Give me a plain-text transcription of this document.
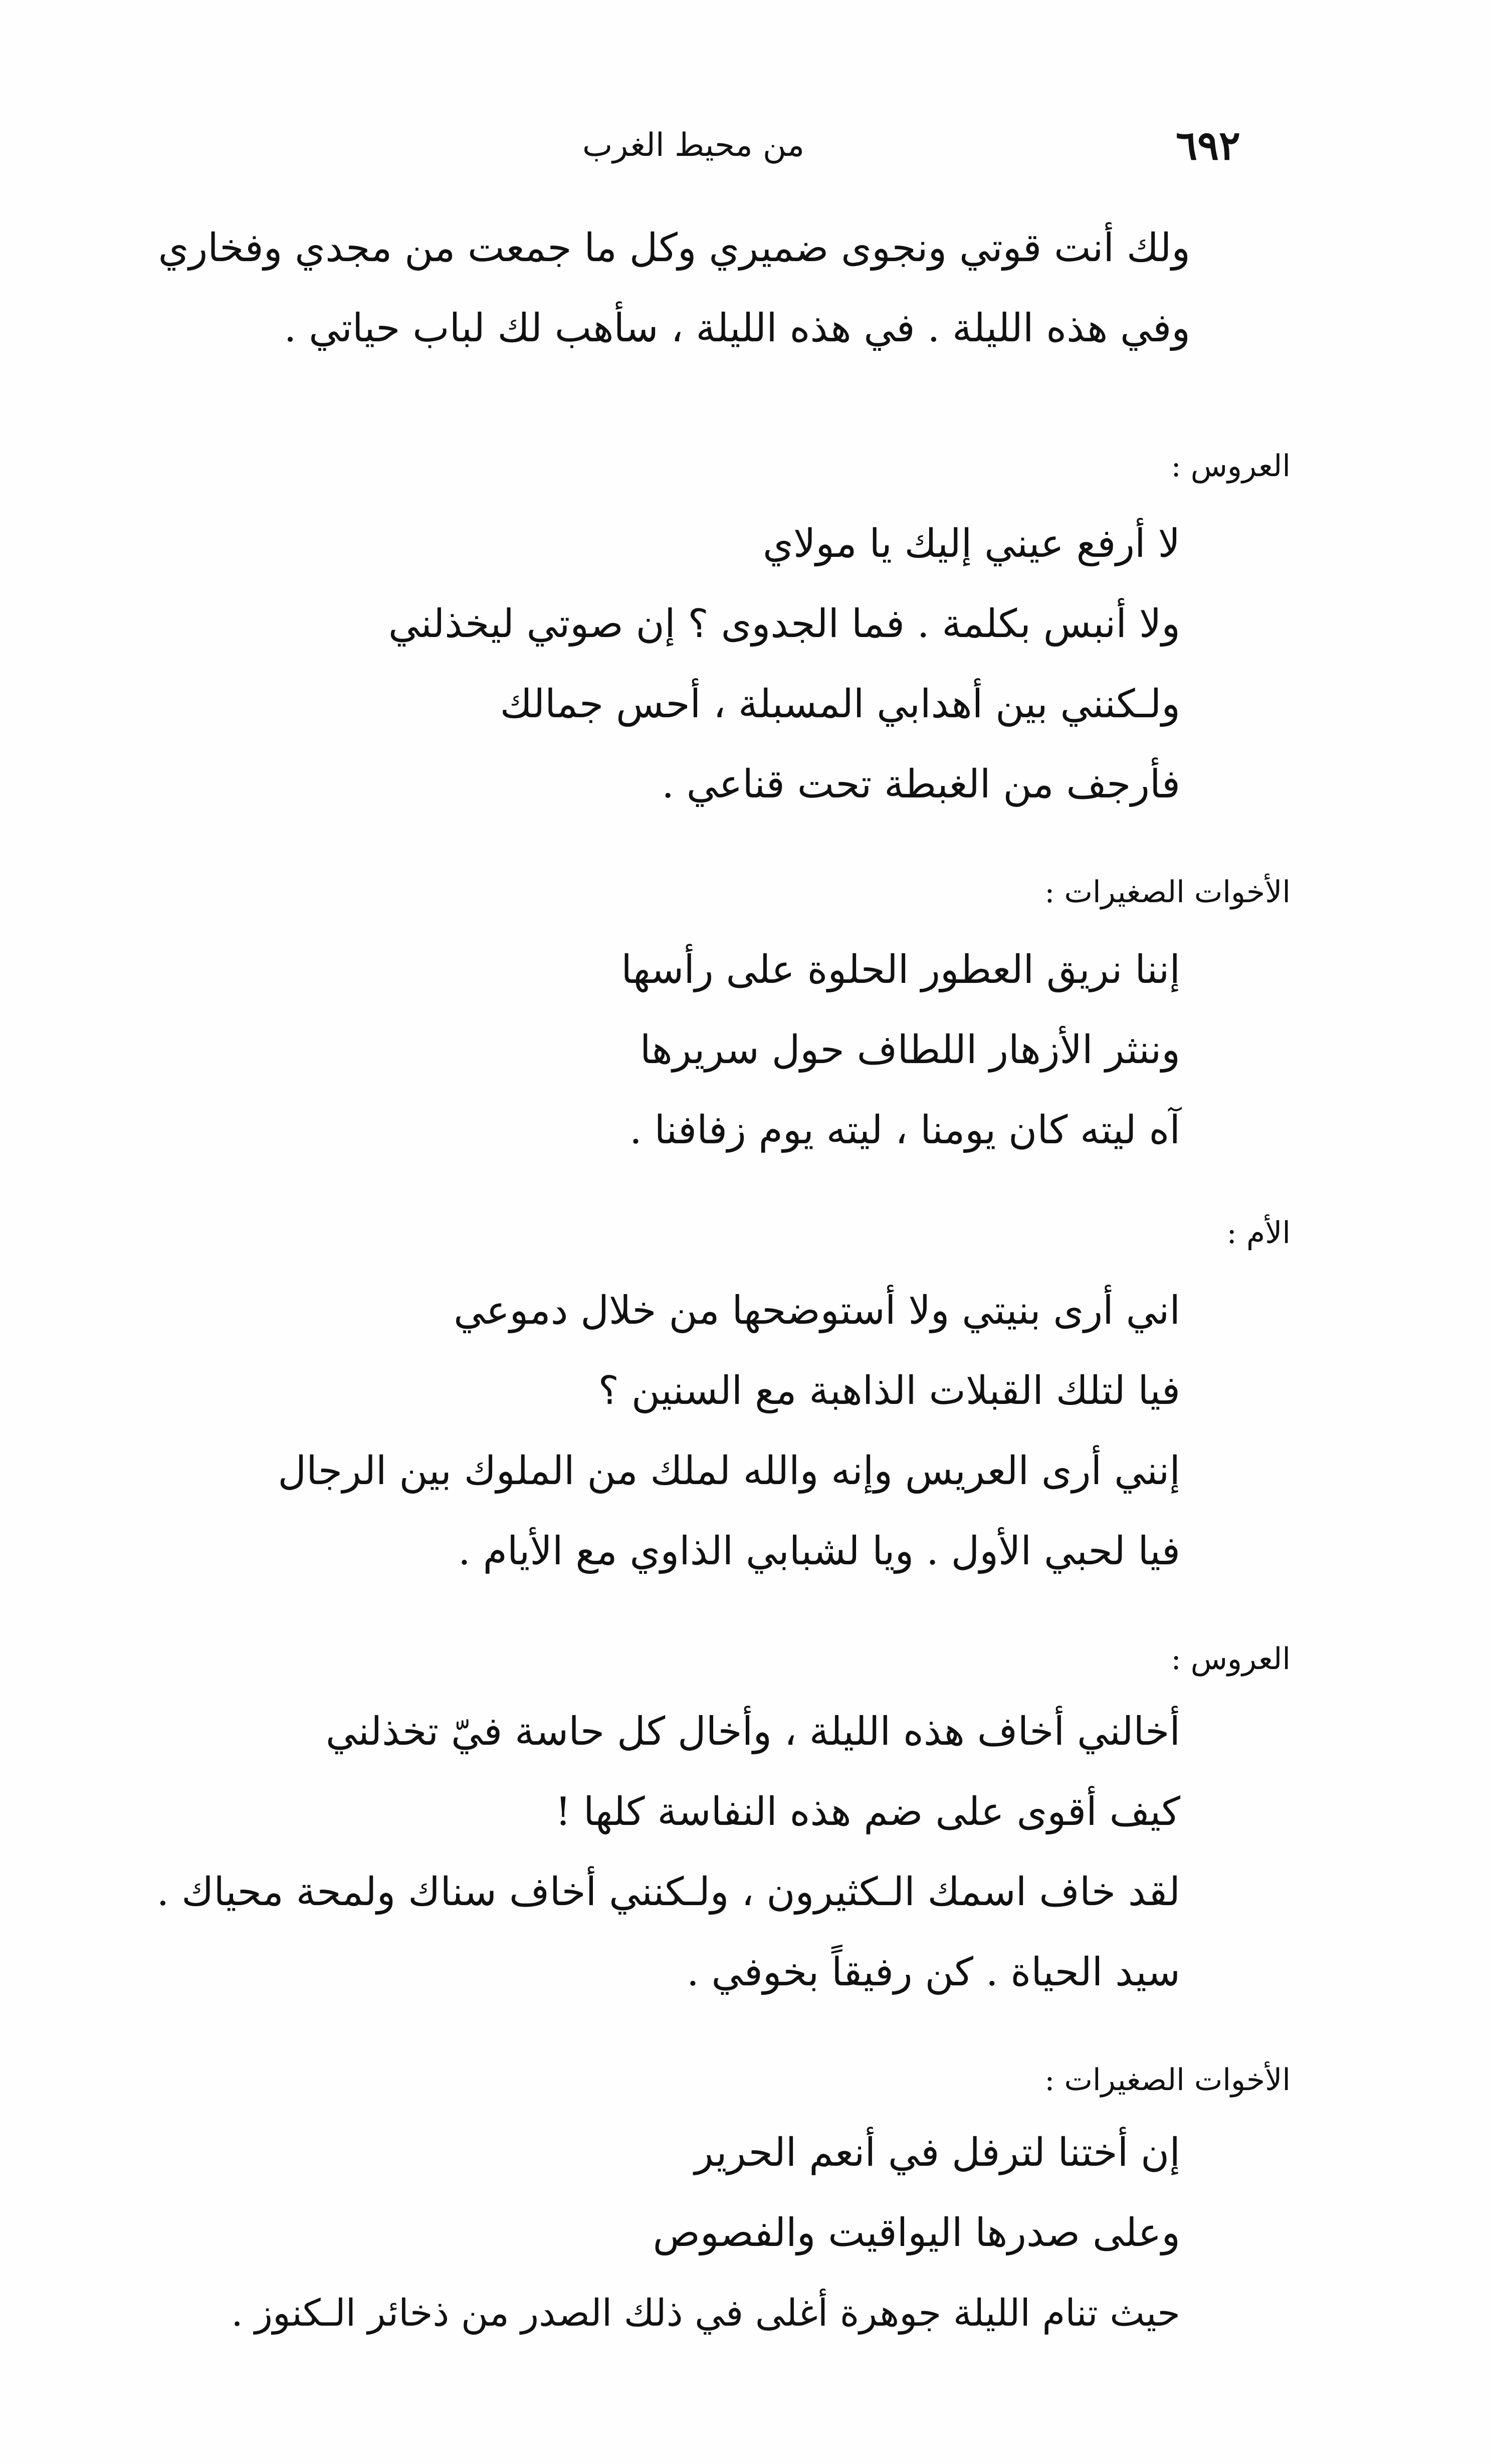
٦٩٢
من محيط الغرب
ولك أنت قوتي ونجوى ضميري وكل ما جمعت من مجدي وفخاري
وفي هذه الليلة . في هذه الليلة ، سأهب لك لباب حياتي .
العروس :
لا أرفع عيني إليك يا مولاي
ولا أنبس بكلمة . فما الجدوى ؟ إن صوتي ليخذلني
ولـكنني بين أهدابي المسبلة ، أحس جمالك
فأرجف من الغبطة تحت قناعي .
الأخوات الصغيرات :
إننا نريق العطور الحلوة على رأسها
وننثر الأزهار اللطاف حول سريرها
آه ليته كان يومنا ، ليته يوم زفافنا .
الأم :
اني أرى بنيتي ولا أستوضحها من خلال دموعي
فيا لتلك القبلات الذاهبة مع السنين ؟
إنني أرى العريس وإنه والله لملك من الملوك بين الرجال
فيا لحبي الأول . ويا لشبابي الذاوي مع الأيام .
العروس :
أخالني أخاف هذه الليلة ، وأخال كل حاسة فيّ تخذلني
كيف أقوى على ضم هذه النفاسة كلها !
لقد خاف اسمك الـكثيرون ، ولـكنني أخاف سناك ولمحة محياك .
سيد الحياة . كن رفيقاً بخوفي .
الأخوات الصغيرات :
إن أختنا لترفل في أنعم الحرير
وعلى صدرها اليواقيت والفصوص
حيث تنام الليلة جوهرة أغلى في ذلك الصدر من ذخائر الـكنوز .
